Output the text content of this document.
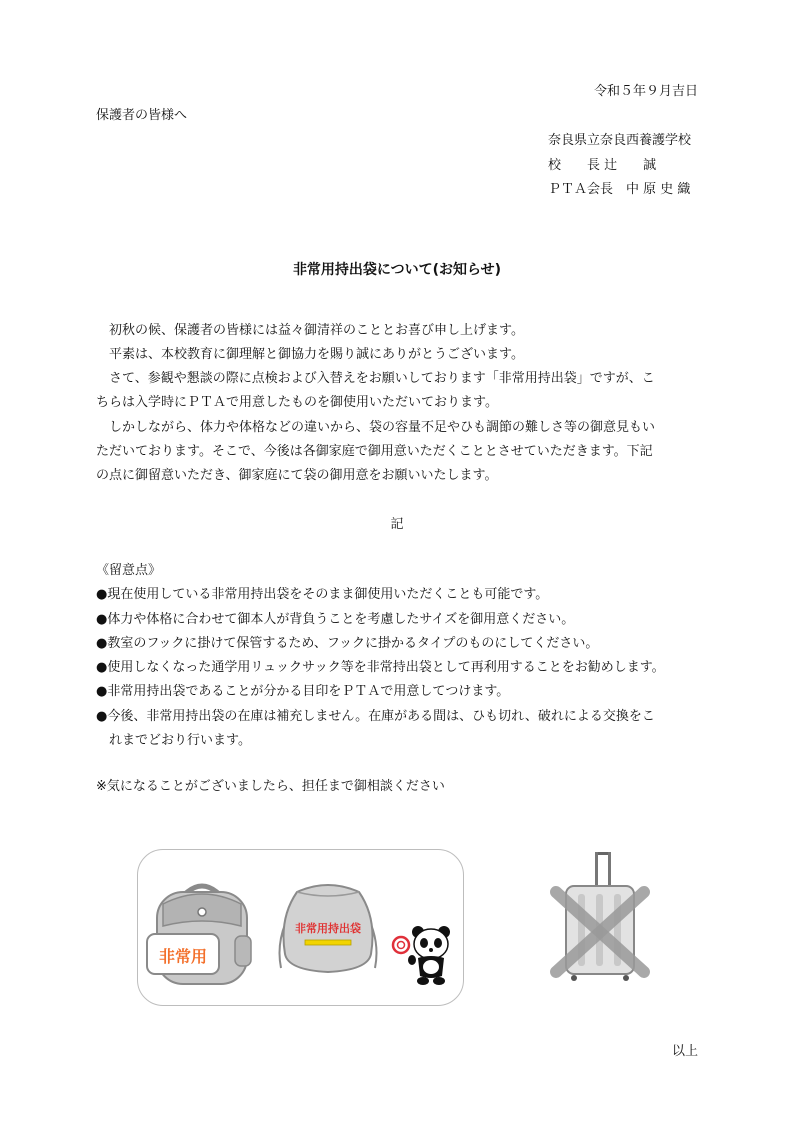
令和５年９月吉日
保護者の皆様へ
奈良県立奈良西養護学校
校　　長 辻　　誠
ＰＴＡ会長　中 原 史 織
非常用持出袋について(お知らせ)
　初秋の候、保護者の皆様には益々御清祥のこととお喜び申し上げます。
　平素は、本校教育に御理解と御協力を賜り誠にありがとうございます。
　さて、参観や懇談の際に点検および入替えをお願いしております「非常用持出袋」ですが、こ
ちらは入学時にＰＴＡで用意したものを御使用いただいております。
　しかしながら、体力や体格などの違いから、袋の容量不足やひも調節の難しさ等の御意見もい
ただいております。そこで、今後は各御家庭で御用意いただくこととさせていただきます。下記
の点に御留意いただき、御家庭にて袋の御用意をお願いいたします。
記
《留意点》
●現在使用している非常用持出袋をそのまま御使用いただくことも可能です。
●体力や体格に合わせて御本人が背負うことを考慮したサイズを御用意ください。
●教室のフックに掛けて保管するため、フックに掛かるタイプのものにしてください。
●使用しなくなった通学用リュックサック等を非常持出袋として再利用することをお勧めします。
●非常用持出袋であることが分かる目印をＰＴＡで用意してつけます。
●今後、非常用持出袋の在庫は補充しません。在庫がある間は、ひも切れ、破れによる交換をこ
　れまでどおり行います。
※気になることがございましたら、担任まで御相談ください
非常用
非常用持出袋
以上
